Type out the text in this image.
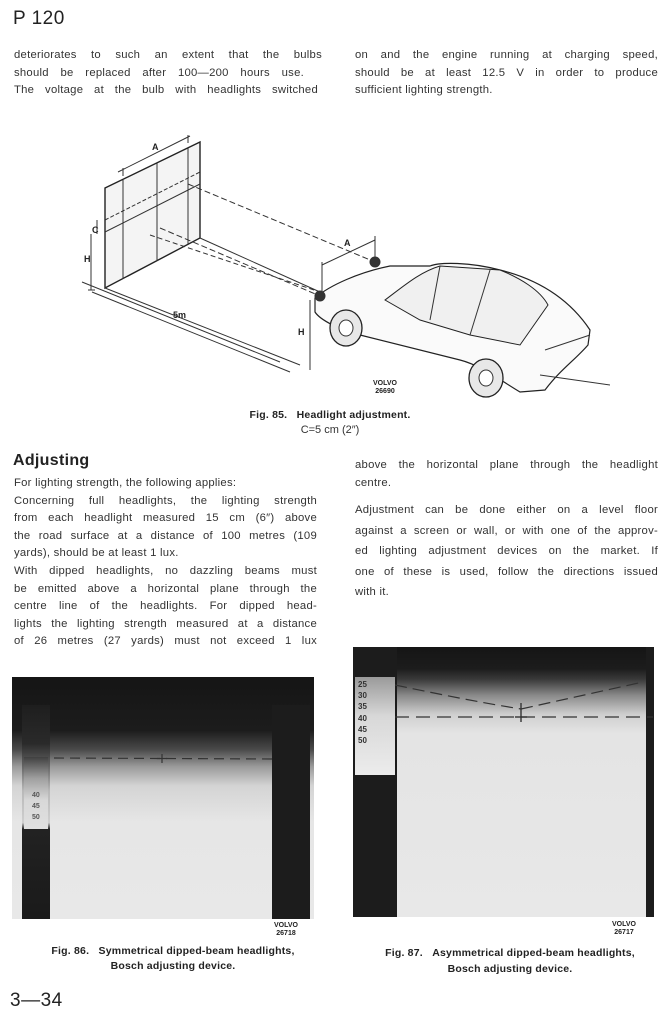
P 120

deteriorates to such an extent that the bulbs

should be replaced after 100—200 hours use.

The voltage at the bulb with headlights switched

on and the engine running at charging speed,

should be at least 12.5 V in order to produce

sufficient lighting strength.

A
C
H
5m
A
H
VOLVO
26690
Fig. 85. Headlight adjustment.
C=5 cm (2″)
Adjusting

For lighting strength, the following applies:

Concerning full headlights, the lighting strength

from each headlight measured 15 cm (6″) above

the road surface at a distance of 100 metres (109

yards), should be at least 1 lux.

With dipped headlights, no dazzling beams must

be emitted above a horizontal plane through the

centre line of the headlights. For dipped head-

lights the lighting strength measured at a distance

of 26 metres (27 yards) must not exceed 1 lux

above the horizontal plane through the headlight

centre.

Adjustment can be done either on a level floor

against a screen or wall, or with one of the approv-

ed lighting adjustment devices on the market. If

one of these is used, follow the directions issued

with it.

40
45
50
VOLVO
26718
Fig. 86. Symmetrical dipped-beam headlights,
Bosch adjusting device.
25
30
35
40
45
50
VOLVO
26717
Fig. 87. Asymmetrical dipped-beam headlights,
Bosch adjusting device.
3—34
